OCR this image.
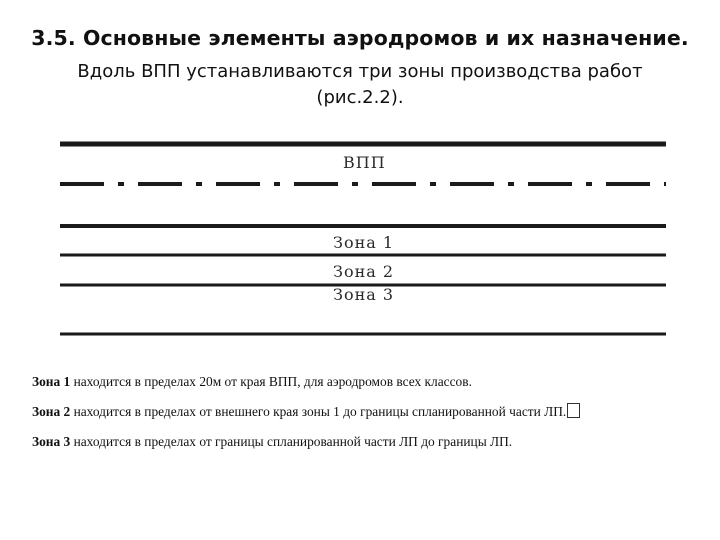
3.5. Основные элементы аэродромов и их назначение.
Вдоль ВПП устанавливаются три зоны производства работ
(рис.2.2).
ВПП
Зона 1
Зона 2
Зона 3
Зона 1 находится в пределах 20м от края ВПП, для аэродромов всех классов.
Зона 2 находится в пределах от внешнего края зоны 1 до границы спланированной части ЛП.
Зона 3 находится в пределах от границы спланированной части ЛП до границы ЛП.
